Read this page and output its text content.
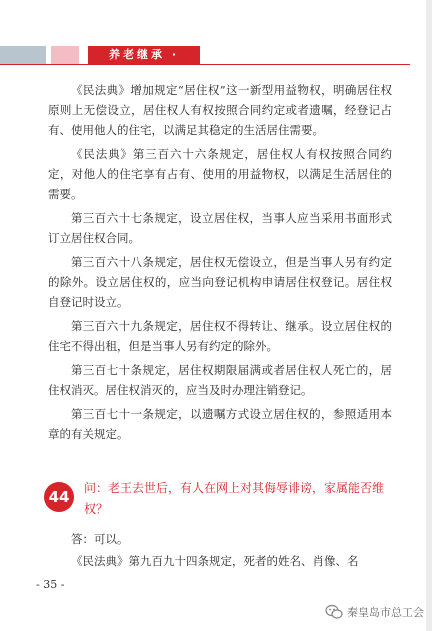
养老继承 ·

《民法典》增加规定“居住权”这一新型用益物权，明确居住权原则上无偿设立，居住权人有权按照合同约定或者遗嘱，经登记占有、使用他人的住宅，以满足其稳定的生活居住需要。

《民法典》第三百六十六条规定，居住权人有权按照合同约定，对他人的住宅享有占有、使用的用益物权，以满足生活居住的需要。

第三百六十七条规定，设立居住权，当事人应当采用书面形式订立居住权合同。

第三百六十八条规定，居住权无偿设立，但是当事人另有约定的除外。设立居住权的，应当向登记机构申请居住权登记。居住权自登记时设立。

第三百六十九条规定，居住权不得转让、继承。设立居住权的住宅不得出租，但是当事人另有约定的除外。

第三百七十条规定，居住权期限届满或者居住权人死亡的，居住权消灭。居住权消灭的，应当及时办理注销登记。

第三百七十一条规定，以遗嘱方式设立居住权的，参照适用本章的有关规定。

44	问：老王去世后，有人在网上对其侮辱诽谤，家属能否维权？

答：可以。

《民法典》第九百九十四条规定，死者的姓名、肖像、名

- 35 -
秦皇岛市总工会
